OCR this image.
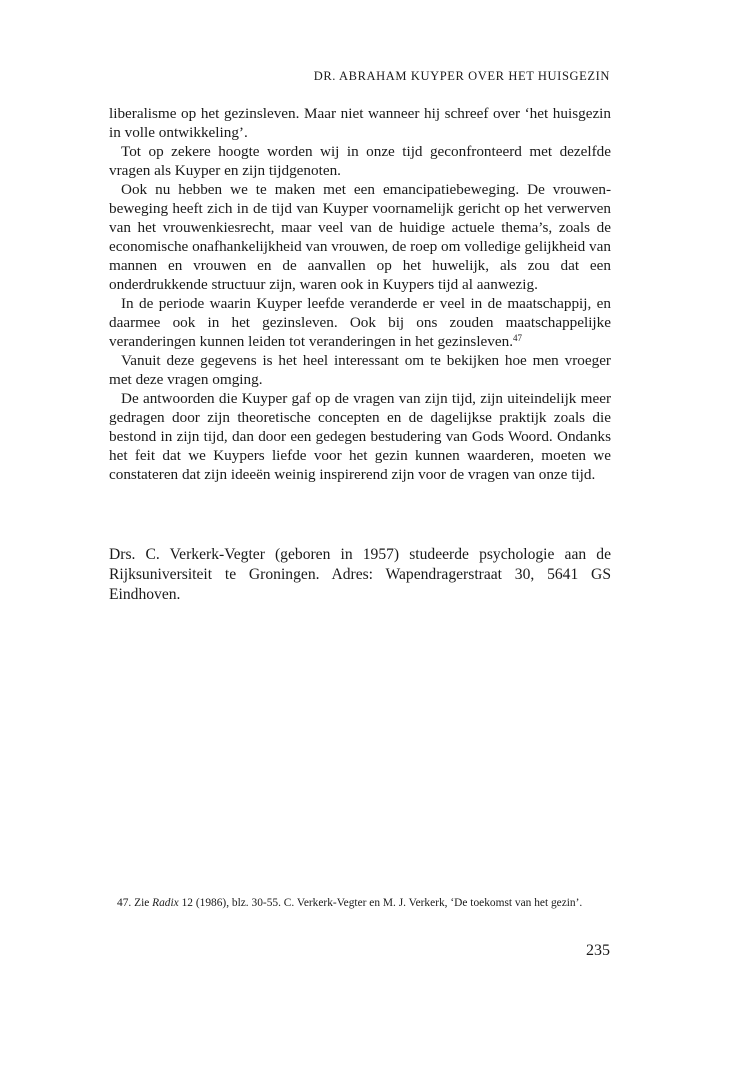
DR. ABRAHAM KUYPER OVER HET HUISGEZIN

liberalisme op het gezinsleven. Maar niet wanneer hij schreef over ‘het huisgezin in volle ontwikkeling’.

Tot op zekere hoogte worden wij in onze tijd geconfronteerd met dezelfde vragen als Kuyper en zijn tijdgenoten.

Ook nu hebben we te maken met een emancipatiebeweging. De vrouwenbeweging heeft zich in de tijd van Kuyper voornamelijk gericht op het verwerven van het vrouwenkiesrecht, maar veel van de huidige actuele thema’s, zoals de economische onafhankelijkheid van vrouwen, de roep om volledige gelijkheid van mannen en vrouwen en de aanvallen op het huwelijk, als zou dat een onderdrukkende structuur zijn, waren ook in Kuypers tijd al aanwezig.

In de periode waarin Kuyper leefde veranderde er veel in de maatschappij, en daarmee ook in het gezinsleven. Ook bij ons zouden maatschappelijke veranderingen kunnen leiden tot veranderingen in het gezinsleven.$^{47}$

Vanuit deze gegevens is het heel interessant om te bekijken hoe men vroeger met deze vragen omging.

De antwoorden die Kuyper gaf op de vragen van zijn tijd, zijn uiteindelijk meer gedragen door zijn theoretische concepten en de dagelijkse praktijk zoals die bestond in zijn tijd, dan door een gedegen bestudering van Gods Woord. Ondanks het feit dat we Kuypers liefde voor het gezin kunnen waarderen, moeten we constateren dat zijn ideeën weinig inspirerend zijn voor de vragen van onze tijd.

Drs. C. Verkerk-Vegter (geboren in 1957) studeerde psychologie aan de Rijksuniversiteit te Groningen. Adres: Wapendragerstraat 30, 5641 GS Eindhoven.

47. Zie Radix 12 (1986), blz. 30-55. C. Verkerk-Vegter en M. J. Verkerk, ‘De toekomst van het gezin’.

235
